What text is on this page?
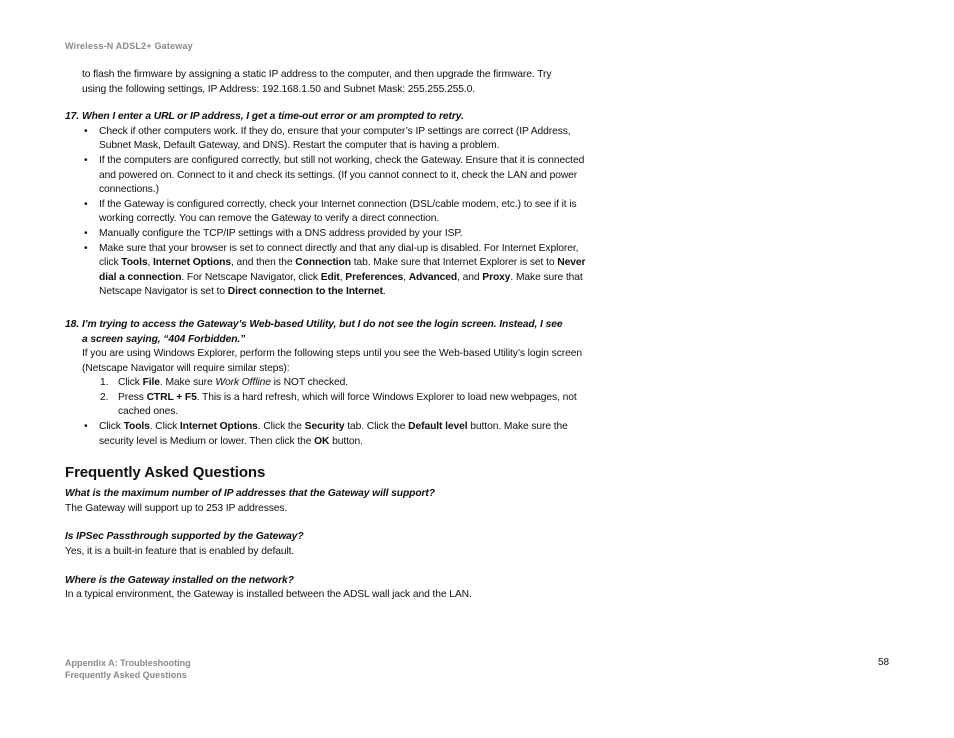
Wireless-N ADSL2+ Gateway

to flash the firmware by assigning a static IP address to the computer, and then upgrade the firmware. Try

using the following settings, IP Address: 192.168.1.50 and Subnet Mask: 255.255.255.0.

17. When I enter a URL or IP address, I get a time-out error or am prompted to retry.
• Check if other computers work. If they do, ensure that your computer’s IP settings are correct (IP Address, Subnet Mask, Default Gateway, and DNS). Restart the computer that is having a problem.
• If the computers are configured correctly, but still not working, check the Gateway. Ensure that it is connected and powered on. Connect to it and check its settings. (If you cannot connect to it, check the LAN and power connections.)
• If the Gateway is configured correctly, check your Internet connection (DSL/cable modem, etc.) to see if it is working correctly. You can remove the Gateway to verify a direct connection.
• Manually configure the TCP/IP settings with a DNS address provided by your ISP.
• Make sure that your browser is set to connect directly and that any dial-up is disabled. For Internet Explorer, click Tools, Internet Options, and then the Connection tab. Make sure that Internet Explorer is set to Never dial a connection. For Netscape Navigator, click Edit, Preferences, Advanced, and Proxy. Make sure that Netscape Navigator is set to Direct connection to the Internet.
18. I’m trying to access the Gateway’s Web-based Utility, but I do not see the login screen. Instead, I see
a screen saying, “404 Forbidden.”

If you are using Windows Explorer, perform the following steps until you see the Web-based Utility’s login screen (Netscape Navigator will require similar steps):

1. Click File. Make sure Work Offline is NOT checked.
2. Press CTRL + F5. This is a hard refresh, which will force Windows Explorer to load new webpages, not cached ones.
• Click Tools. Click Internet Options. Click the Security tab. Click the Default level button. Make sure the security level is Medium or lower. Then click the OK button.
Frequently Asked Questions

What is the maximum number of IP addresses that the Gateway will support?

The Gateway will support up to 253 IP addresses.

Is IPSec Passthrough supported by the Gateway?

Yes, it is a built-in feature that is enabled by default.

Where is the Gateway installed on the network?

In a typical environment, the Gateway is installed between the ADSL wall jack and the LAN.

Appendix A: Troubleshooting
Frequently Asked Questions
58
